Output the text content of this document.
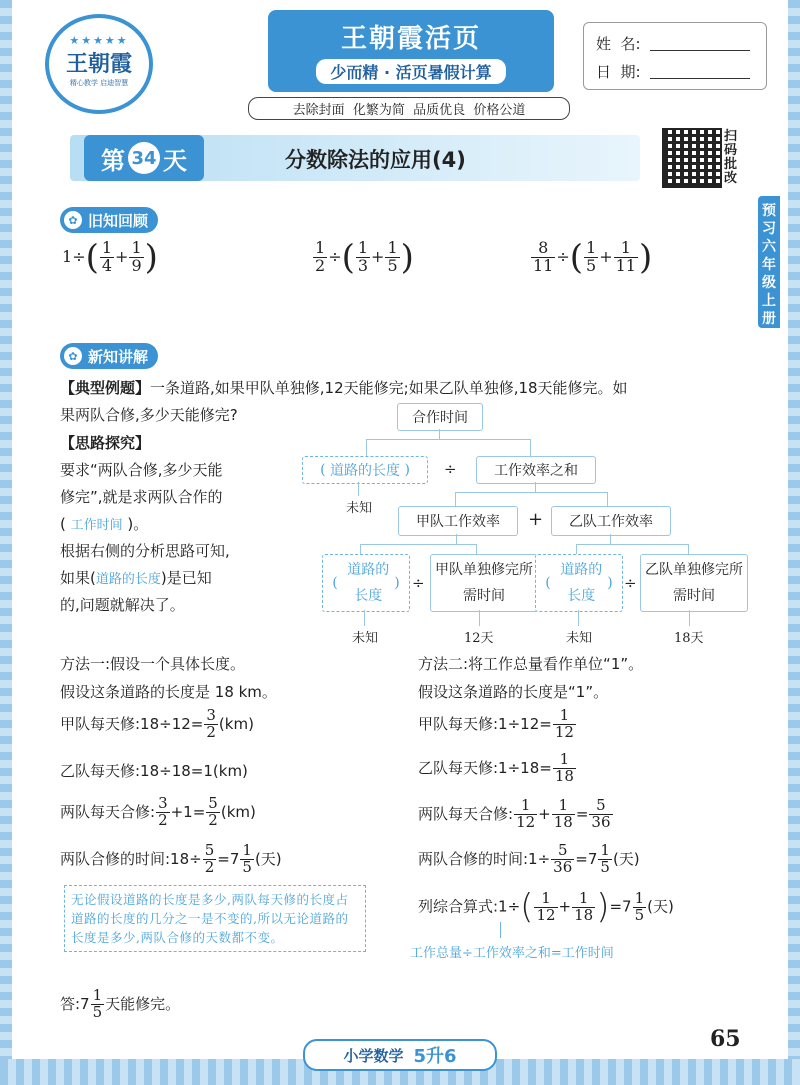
★★★★★
王朝霞
精心教学 启迪智慧
王朝霞活页
少而精 · 活页暑假计算
去除封面  化繁为简  品质优良  价格公道
姓  名:
日  期:
第 34 天	分数除法的应用(4)
扫码批改
预习六年级上册
✿ 旧知回顾
$1\div( \frac{1}{4} + \frac{1}{9}$ )	$\frac{1}{2}$ ÷( $\frac{1}{3} + \frac{1}{5}$ )	$\frac{8}{11}$ ÷( $\frac{1}{5} + \frac{1}{11}$ )
✿ 新知讲解
【典型例题】一条道路,如果甲队单独修,12天能修完;如果乙队单独修,18天能修完。如
果两队合修,多少天能修完?
【思路探究】
要求“两队合修,多少天能
修完”,就是求两队合作的
( 工作时间 )。
根据右侧的分析思路可知,
如果(道路的长度)是已知
的,问题就解决了。
合作时间
( 道路的长度 )	÷	工作效率之和
未知
甲队工作效率	+	乙队工作效率
(
道路的长度
) ÷
甲队单独修完所需时间
(
道路的长度
) ÷
乙队单独修完所需时间
未知	12天	未知	18天
方法一:假设一个具体长度。
假设这条道路的长度是 18 km。
甲队每天修:18÷12= $\frac{3}{2} (km)$
乙队每天修:18÷18=1(km)
两队每天合修: $\frac{3}{2} +1= \frac{5}{2} (km)$
两队合修的时间:18÷ $\frac{5}{2} =7 \frac{1}{5}$ (天)
无论假设道路的长度是多少,两队每天修的长度占道路的长度的几分之一是不变的,所以无论道路的长度是多少,两队合修的天数都不变。
答:7 $\frac{1}{5}$ 天能修完。
方法二:将工作总量看作单位“1”。
假设这条道路的长度是“1”。
甲队每天修:1÷12= $\frac{1}{12}$
乙队每天修:1÷18= $\frac{1}{18}$
两队每天合修: $\frac{1}{12} + \frac{1}{18} = \frac{5}{36}$
两队合修的时间:1÷ $\frac{5}{36} =7 \frac{1}{5}$ (天)
列综合算式:1÷( $\frac{1}{12} + \frac{1}{18} )=7 \frac{1}{5}$ (天)
工作总量÷工作效率之和=工作时间
小学数学 5升6
65
